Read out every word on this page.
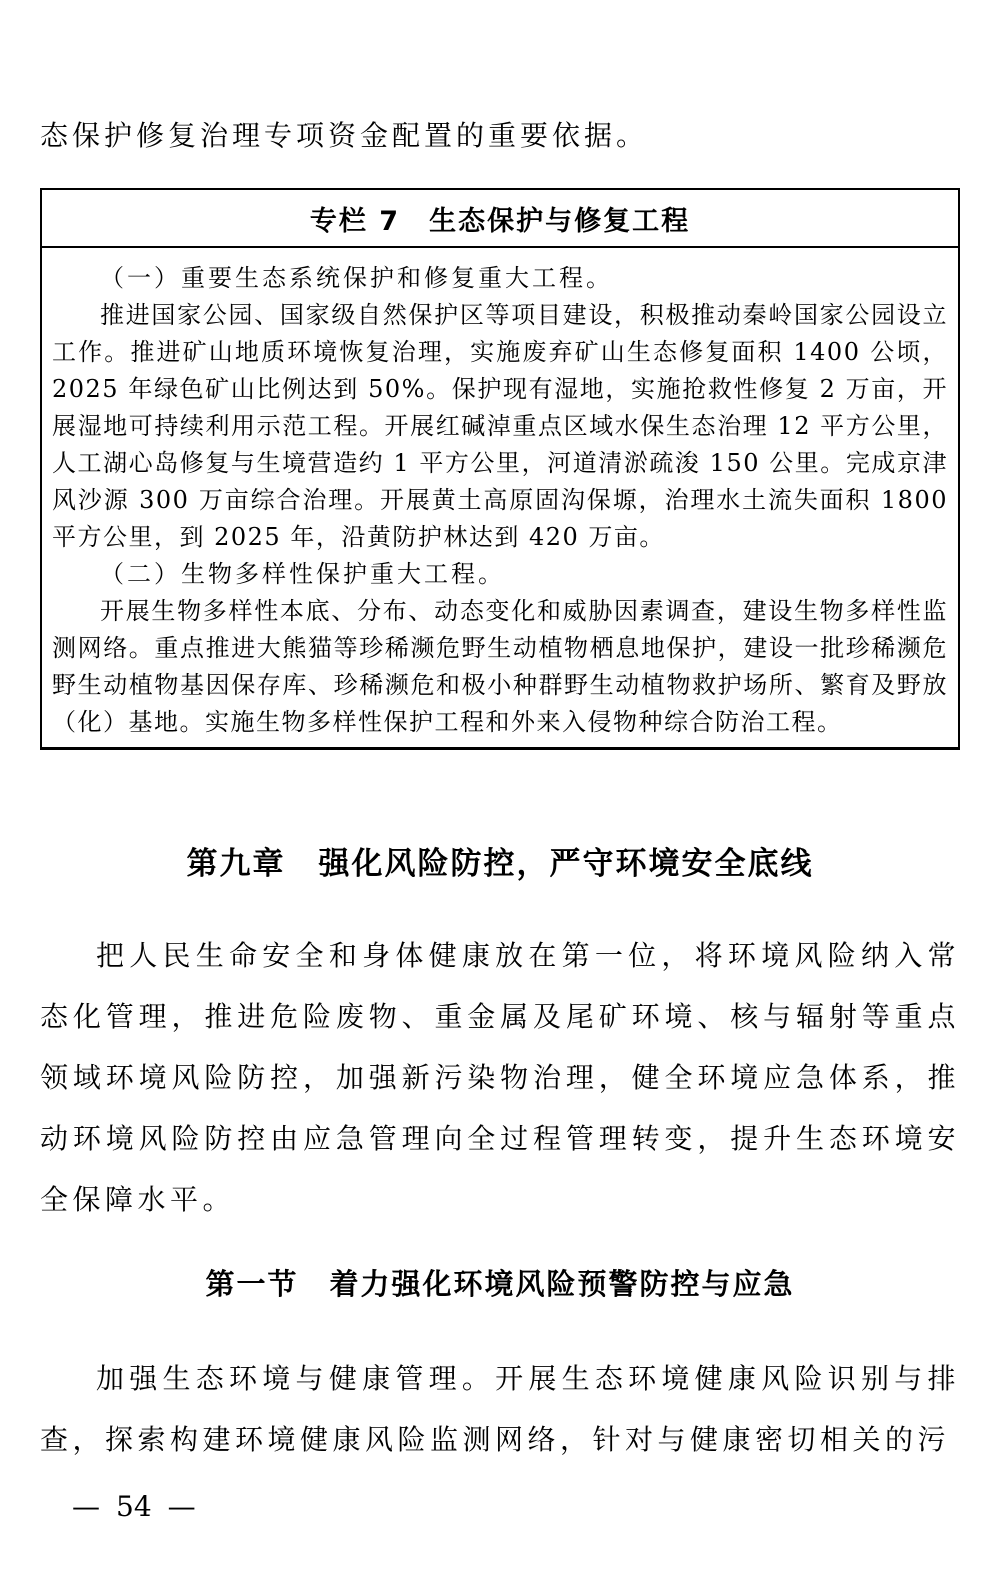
态保护修复治理专项资金配置的重要依据。
专栏 7　生态保护与修复工程

（一）重要生态系统保护和修复重大工程。

推进国家公园、国家级自然保护区等项目建设，积极推动秦岭国家公园设立工作。推进矿山地质环境恢复治理，实施废弃矿山生态修复面积 1400 公顷，2025 年绿色矿山比例达到 50%。保护现有湿地，实施抢救性修复 2 万亩，开展湿地可持续利用示范工程。开展红碱淖重点区域水保生态治理 12 平方公里，人工湖心岛修复与生境营造约 1 平方公里，河道清淤疏浚 150 公里。完成京津风沙源 300 万亩综合治理。开展黄土高原固沟保塬，治理水土流失面积 1800 平方公里，到 2025 年，沿黄防护林达到 420 万亩。

（二）生物多样性保护重大工程。

开展生物多样性本底、分布、动态变化和威胁因素调查，建设生物多样性监测网络。重点推进大熊猫等珍稀濒危野生动植物栖息地保护，建设一批珍稀濒危野生动植物基因保存库、珍稀濒危和极小种群野生动植物救护场所、繁育及野放（化）基地。实施生物多样性保护工程和外来入侵物种综合防治工程。

第九章　强化风险防控，严守环境安全底线
把人民生命安全和身体健康放在第一位，将环境风险纳入常态化管理，推进危险废物、重金属及尾矿环境、核与辐射等重点领域环境风险防控，加强新污染物治理，健全环境应急体系，推动环境风险防控由应急管理向全过程管理转变，提升生态环境安全保障水平。
第一节　着力强化环境风险预警防控与应急
加强生态环境与健康管理。开展生态环境健康风险识别与排查，探索构建环境健康风险监测网络，针对与健康密切相关的污
— 54 —
